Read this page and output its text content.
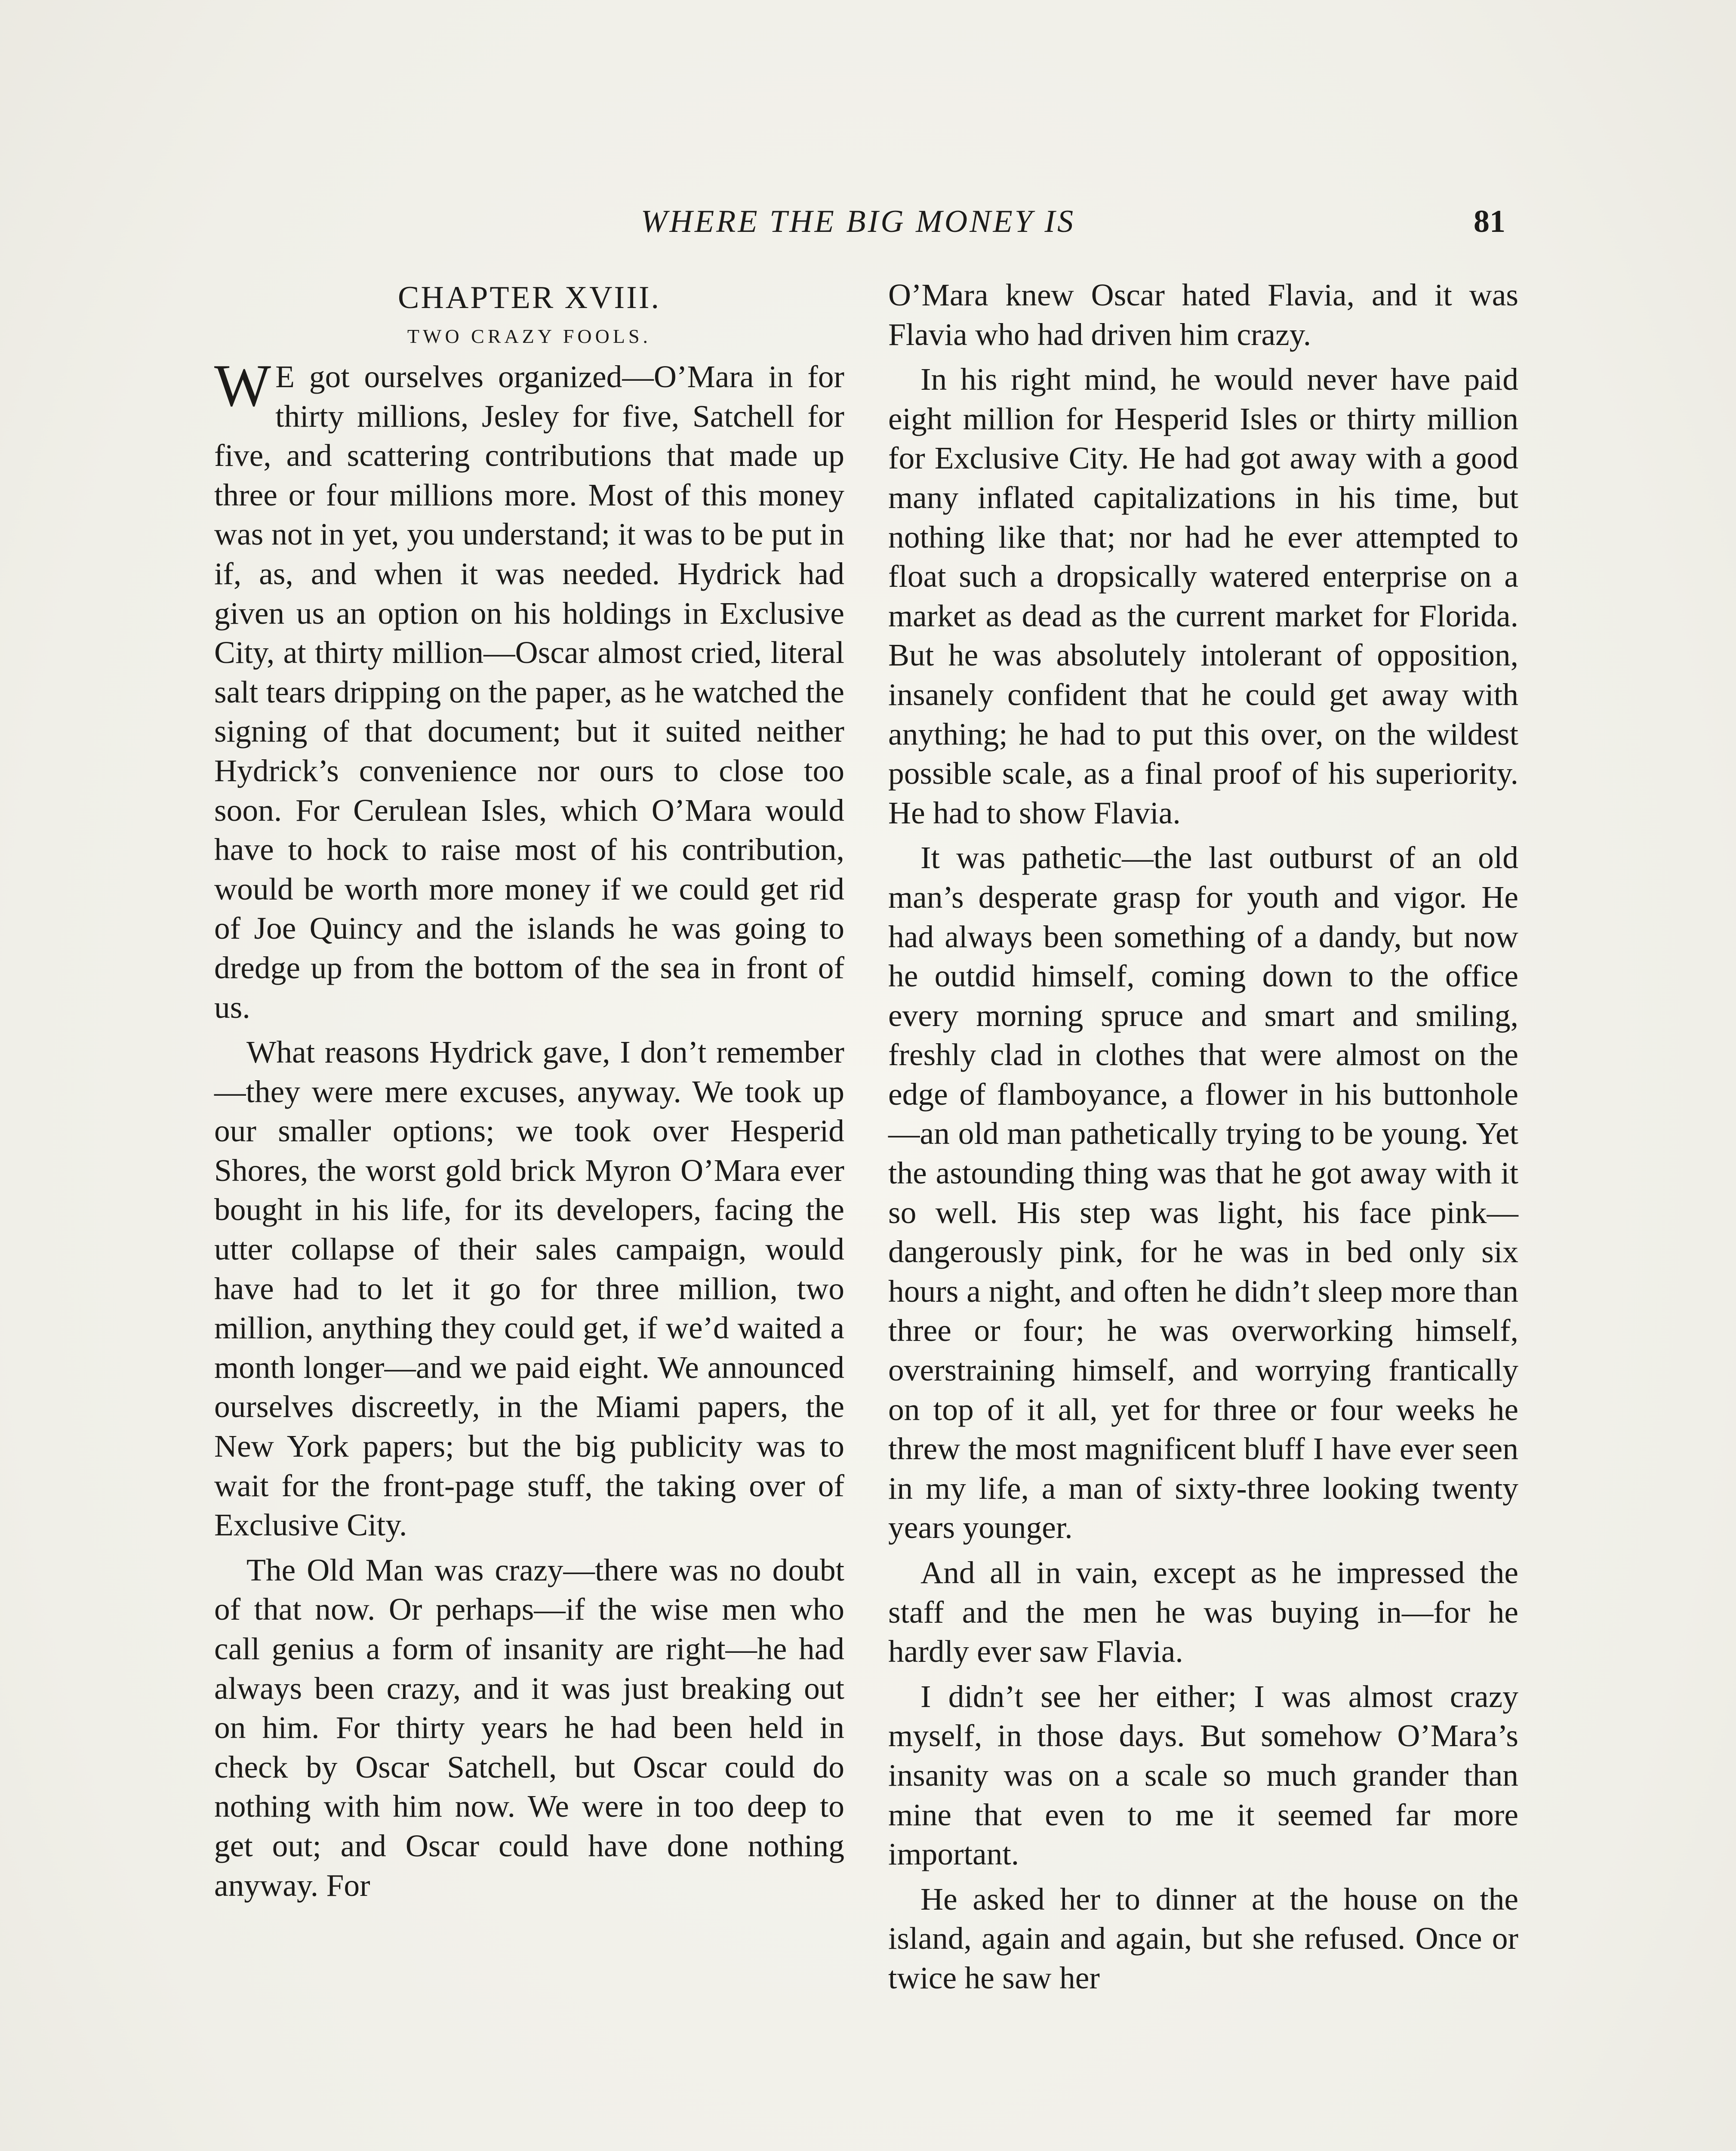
WHERE THE BIG MONEY IS	81
CHAPTER XVIII.
TWO CRAZY FOOLS.

W E got ourselves organized—O’Mara in for thirty millions, Jesley for five, Satchell for five, and scattering contributions that made up three or four millions more. Most of this money was not in yet, you understand; it was to be put in if, as, and when it was needed. Hydrick had given us an option on his holdings in Exclusive City, at thirty million—Oscar almost cried, literal salt tears dripping on the paper, as he watched the signing of that document; but it suited neither Hydrick’s convenience nor ours to close too soon. For Cerulean Isles, which O’Mara would have to hock to raise most of his contribution, would be worth more money if we could get rid of Joe Quincy and the islands he was going to dredge up from the bottom of the sea in front of us.

What reasons Hydrick gave, I don’t remember—they were mere excuses, anyway. We took up our smaller options; we took over Hesperid Shores, the worst gold brick Myron O’Mara ever bought in his life, for its developers, facing the utter collapse of their sales campaign, would have had to let it go for three million, two million, anything they could get, if we’d waited a month longer—and we paid eight. We announced ourselves discreetly, in the Miami papers, the New York papers; but the big publicity was to wait for the front-page stuff, the taking over of Exclusive City.

The Old Man was crazy—there was no doubt of that now. Or perhaps—if the wise men who call genius a form of insanity are right—he had always been crazy, and it was just breaking out on him. For thirty years he had been held in check by Oscar Satchell, but Oscar could do nothing with him now. We were in too deep to get out; and Oscar could have done nothing anyway. For

O’Mara knew Oscar hated Flavia, and it was Flavia who had driven him crazy.

In his right mind, he would never have paid eight million for Hesperid Isles or thirty million for Exclusive City. He had got away with a good many inflated capitalizations in his time, but nothing like that; nor had he ever attempted to float such a dropsically watered enterprise on a market as dead as the current market for Florida. But he was absolutely intolerant of opposition, insanely confident that he could get away with anything; he had to put this over, on the wildest possible scale, as a final proof of his superiority. He had to show Flavia.

It was pathetic—the last outburst of an old man’s desperate grasp for youth and vigor. He had always been something of a dandy, but now he outdid himself, coming down to the office every morning spruce and smart and smiling, freshly clad in clothes that were almost on the edge of flamboyance, a flower in his buttonhole—an old man pathetically trying to be young. Yet the astounding thing was that he got away with it so well. His step was light, his face pink—dangerously pink, for he was in bed only six hours a night, and often he didn’t sleep more than three or four; he was overworking himself, overstraining himself, and worrying frantically on top of it all, yet for three or four weeks he threw the most magnificent bluff I have ever seen in my life, a man of sixty-three looking twenty years younger.

And all in vain, except as he impressed the staff and the men he was buying in—for he hardly ever saw Flavia.

I didn’t see her either; I was almost crazy myself, in those days. But somehow O’Mara’s insanity was on a scale so much grander than mine that even to me it seemed far more important.

He asked her to dinner at the house on the island, again and again, but she refused. Once or twice he saw her
